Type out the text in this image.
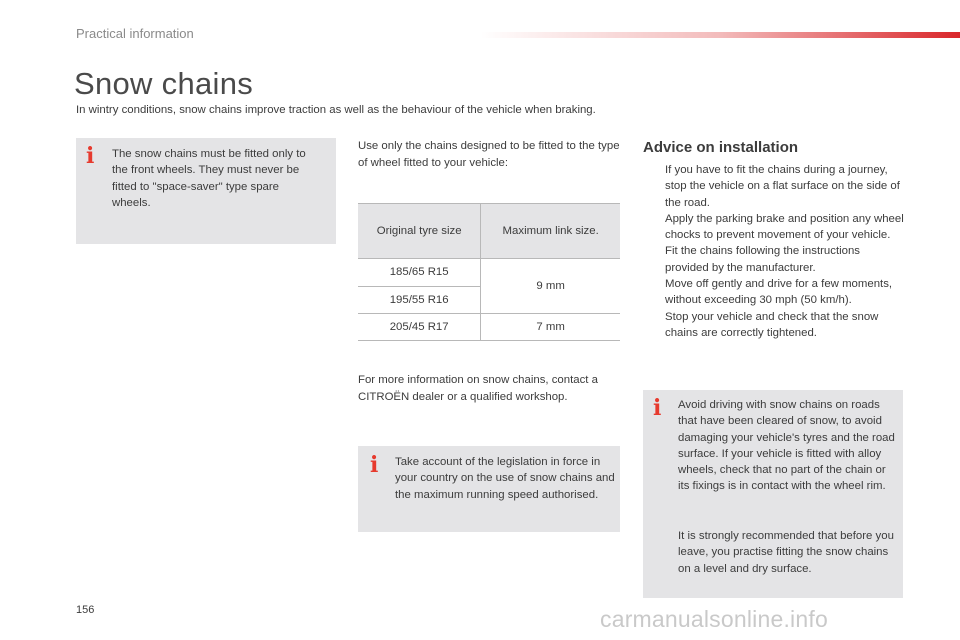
Practical information
Snow chains

In wintry conditions, snow chains improve traction as well as the behaviour of the vehicle when braking.

i The snow chains must be fitted only to the front wheels. They must never be fitted to "space-saver" type spare wheels.

Use only the chains designed to be fitted to the type of wheel fitted to your vehicle:

Original tyre size	Maximum link size.
185/65 R15	9 mm
195/55 R16	
205/45 R17	7 mm

For more information on snow chains, contact a CITROËN dealer or a qualified workshop.

i Take account of the legislation in force in your country on the use of snow chains and the maximum running speed authorised.

Advice on installation
If you have to fit the chains during a journey, stop the vehicle on a flat surface on the side of the road.
Apply the parking brake and position any wheel chocks to prevent movement of your vehicle.
Fit the chains following the instructions provided by the manufacturer.
Move off gently and drive for a few moments, without exceeding 30 mph (50 km/h).
Stop your vehicle and check that the snow chains are correctly tightened.
i Avoid driving with snow chains on roads that have been cleared of snow, to avoid damaging your vehicle's tyres and the road surface. If your vehicle is fitted with alloy wheels, check that no part of the chain or its fixings is in contact with the wheel rim.

It is strongly recommended that before you leave, you practise fitting the snow chains on a level and dry surface.

156	carmanualsonline.info
